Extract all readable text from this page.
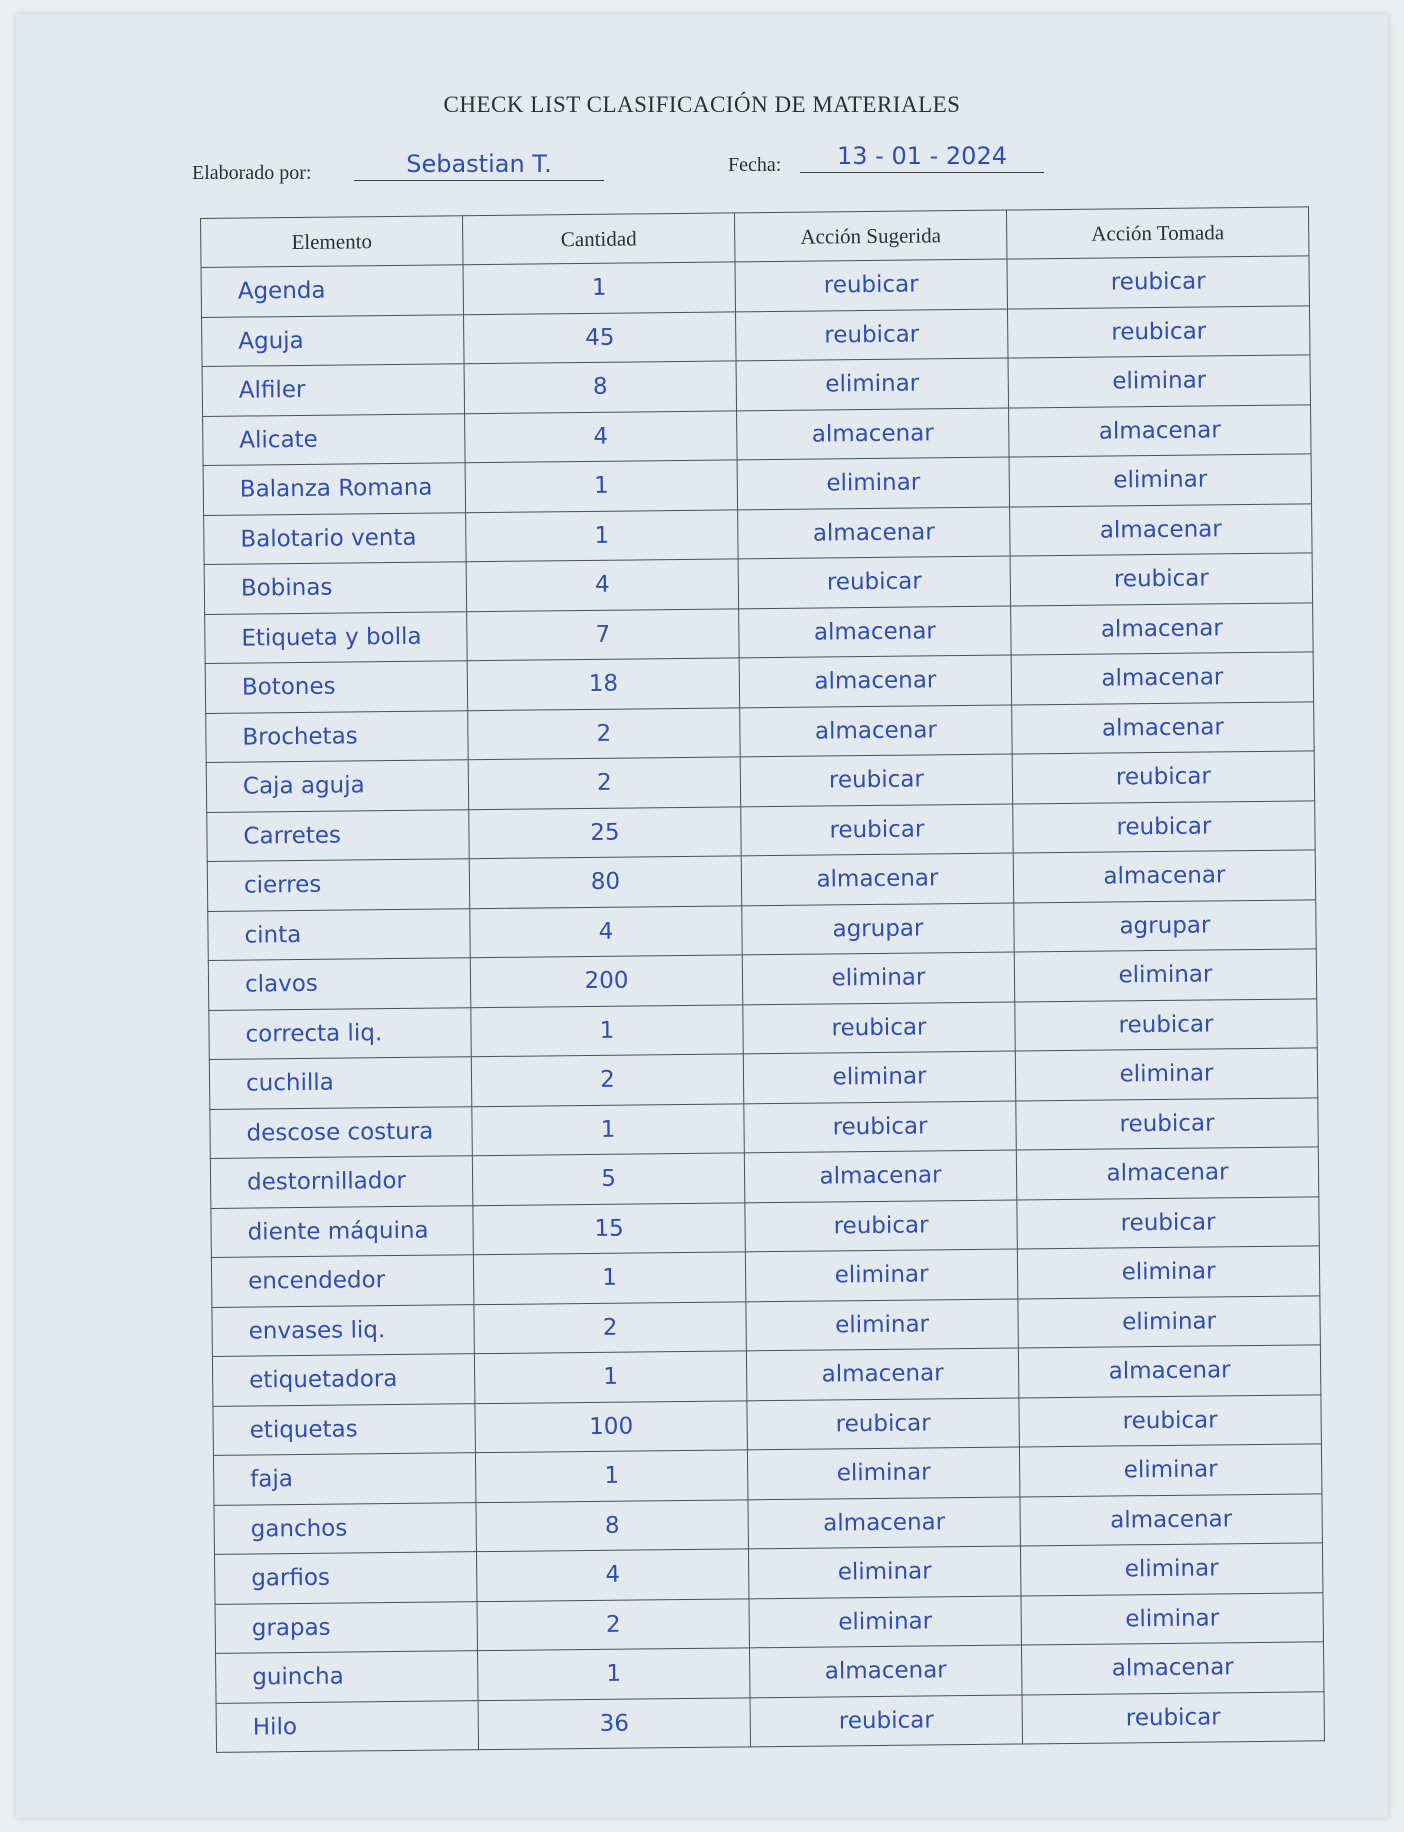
CHECK LIST CLASIFICACIÓN DE MATERIALES
Elaborado por:	Sebastian T.	Fecha:	13 - 01 - 2024
Elemento	Cantidad	Acción Sugerida	Acción Tomada
Agenda	1	reubicar	reubicar
Aguja	45	reubicar	reubicar
Alfiler	8	eliminar	eliminar
Alicate	4	almacenar	almacenar
Balanza Romana	1	eliminar	eliminar
Balotario venta	1	almacenar	almacenar
Bobinas	4	reubicar	reubicar
Etiqueta y bolla	7	almacenar	almacenar
Botones	18	almacenar	almacenar
Brochetas	2	almacenar	almacenar
Caja aguja	2	reubicar	reubicar
Carretes	25	reubicar	reubicar
cierres	80	almacenar	almacenar
cinta	4	agrupar	agrupar
clavos	200	eliminar	eliminar
correcta liq.	1	reubicar	reubicar
cuchilla	2	eliminar	eliminar
descose costura	1	reubicar	reubicar
destornillador	5	almacenar	almacenar
diente máquina	15	reubicar	reubicar
encendedor	1	eliminar	eliminar
envases liq.	2	eliminar	eliminar
etiquetadora	1	almacenar	almacenar
etiquetas	100	reubicar	reubicar
faja	1	eliminar	eliminar
ganchos	8	almacenar	almacenar
garfios	4	eliminar	eliminar
grapas	2	eliminar	eliminar
guincha	1	almacenar	almacenar
Hilo	36	reubicar	reubicar
